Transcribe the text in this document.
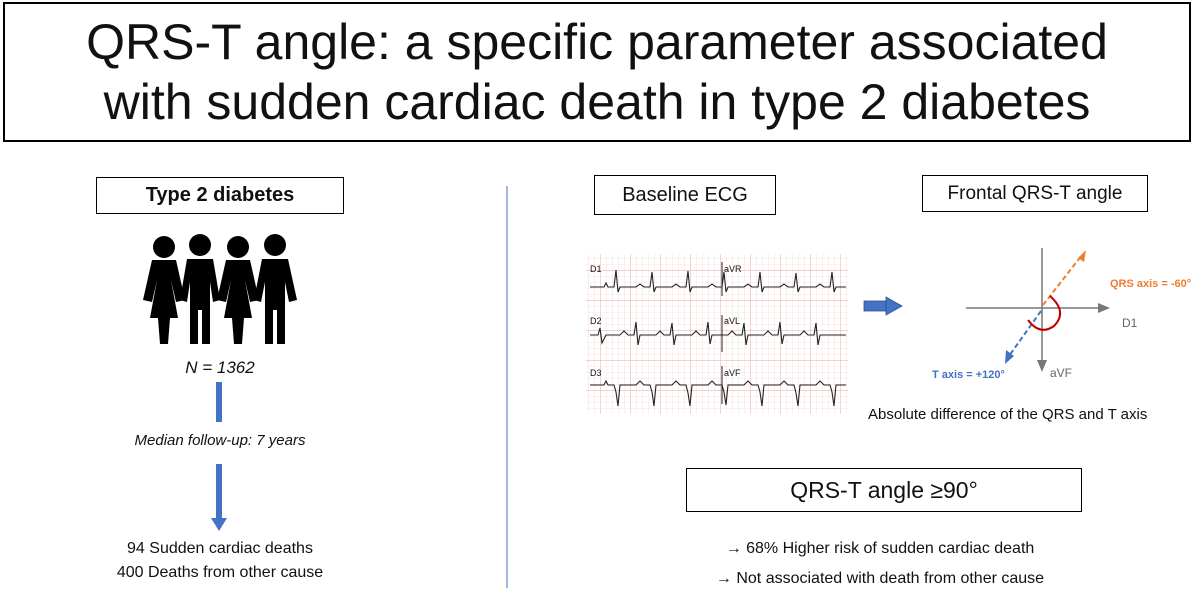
QRS-T angle: a specific parameter associated with sudden cardiac death in type 2 diabetes
Type 2 diabetes
N = 1362
Median follow-up: 7 years
94 Sudden cardiac deaths
400 Deaths from other cause
Baseline ECG	Frontal QRS-T angle
D1	aVR
D2	aVL
D3	aVF
QRS axis = -60°
T axis = +120°
D1
aVF
Absolute difference of the QRS and T axis
QRS-T angle ≥90°
→ 68% Higher risk of sudden cardiac death
→ Not associated with death from other cause
